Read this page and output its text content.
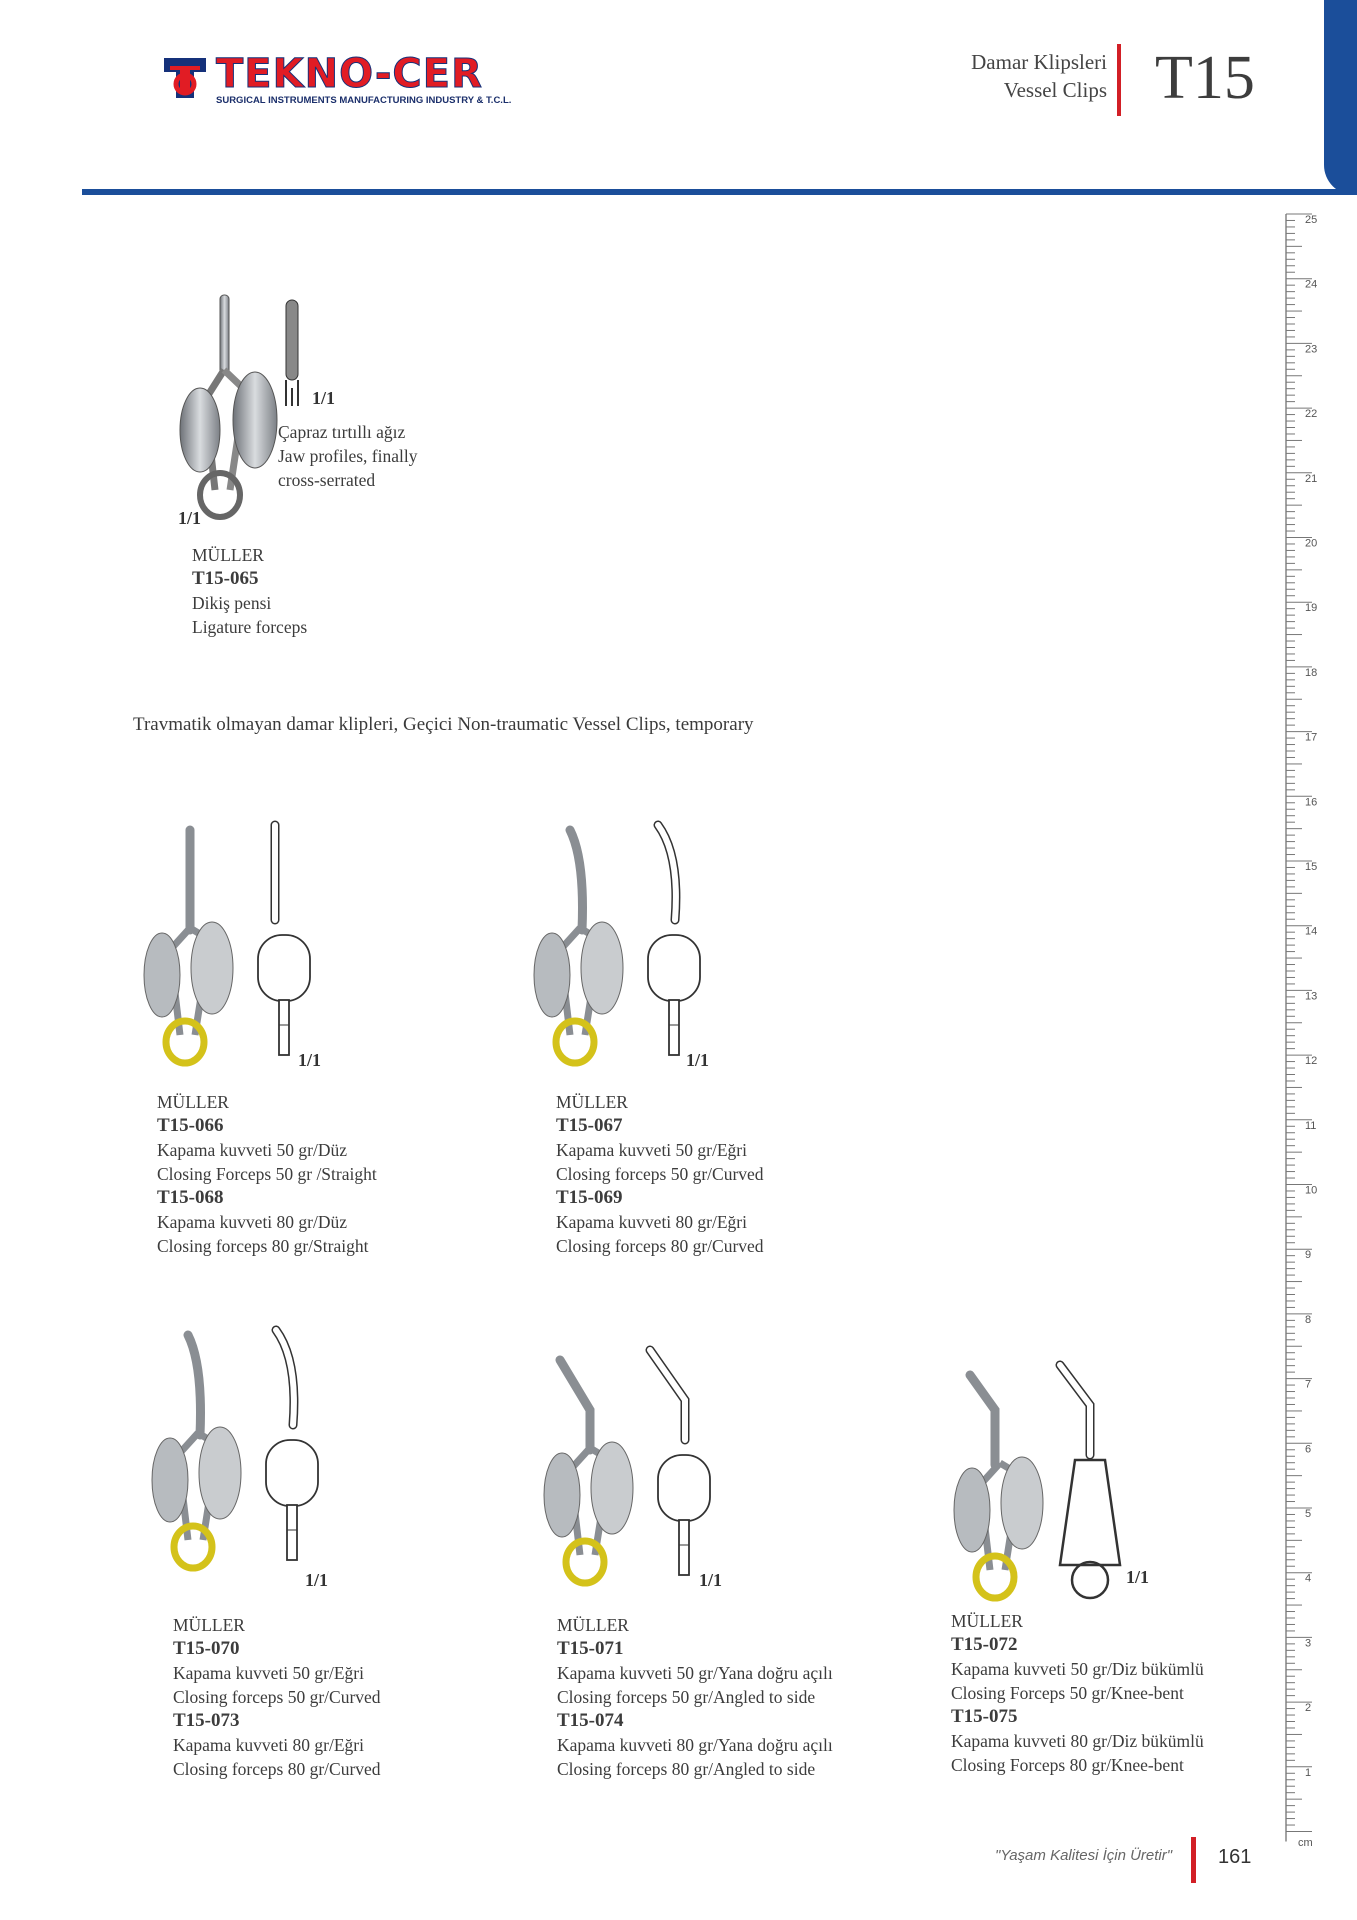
TEKNO-CER
SURGICAL INSTRUMENTS MANUFACTURING INDUSTRY & T.C.L.
Damar Klipsleri
Vessel Clips T15
25
24
23
22
21
20
19
18
17
16
15
14
13
12
11
10
9
8
7
6
5
4
3
2
1
cm
1/1
1/1
Çapraz tırtıllı ağız
Jaw profiles, finally
cross-serrated
MÜLLER
T15-065
Dikiş pensi
Ligature forceps
Travmatik olmayan damar klipleri, Geçici Non-traumatic Vessel Clips, temporary
1/1	1/1
1/1	1/1	1/1
MÜLLER
T15-066
Kapama kuvveti 50 gr/Düz
Closing Forceps 50 gr /Straight
T15-068
Kapama kuvveti 80 gr/Düz
Closing forceps 80 gr/Straight
MÜLLER
T15-067
Kapama kuvveti 50 gr/Eğri
Closing forceps 50 gr/Curved
T15-069
Kapama kuvveti 80 gr/Eğri
Closing forceps 80 gr/Curved
MÜLLER
T15-070
Kapama kuvveti 50 gr/Eğri
Closing forceps 50 gr/Curved
T15-073
Kapama kuvveti 80 gr/Eğri
Closing forceps 80 gr/Curved
MÜLLER
T15-071
Kapama kuvveti 50 gr/Yana doğru açılı
Closing forceps 50 gr/Angled to side
T15-074
Kapama kuvveti 80 gr/Yana doğru açılı
Closing forceps 80 gr/Angled to side
MÜLLER
T15-072
Kapama kuvveti 50 gr/Diz bükümlü
Closing Forceps 50 gr/Knee-bent
T15-075
Kapama kuvveti 80 gr/Diz bükümlü
Closing Forceps 80 gr/Knee-bent
"Yaşam Kalitesi İçin Üretir" 161
